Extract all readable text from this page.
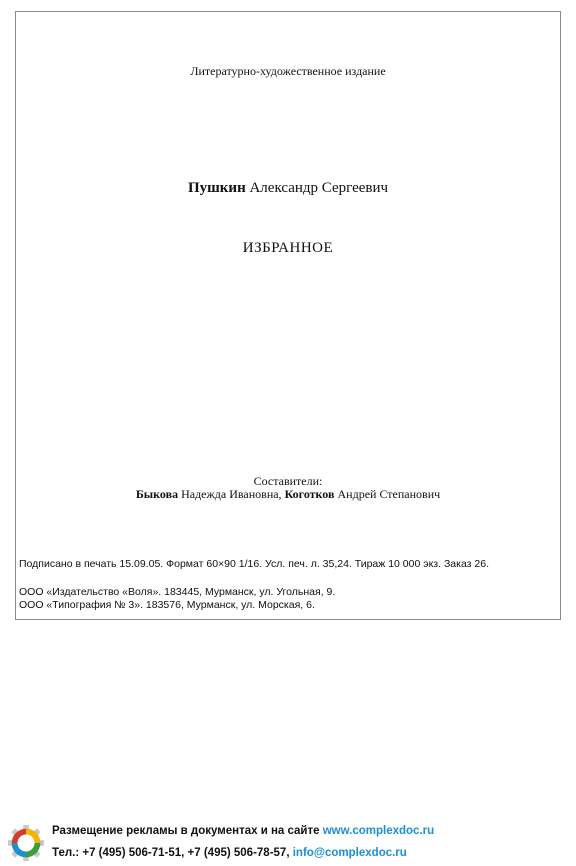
Литературно-художественное издание
Пушкин Александр Сергеевич
ИЗБРАННОЕ
Составители:
Быкова Надежда Ивановна, Коготков Андрей Степанович
Подписано в печать 15.09.05. Формат 60×90 1/16. Усл. печ. л. 35,24. Тираж 10 000 экз. Заказ 26.
ООО «Издательство «Воля». 183445, Мурманск, ул. Угольная, 9.
ООО «Типография № 3». 183576, Мурманск, ул. Морская, 6.
Размещение рекламы в документах и на сайте www.complexdoc.ru
Тел.: +7 (495) 506-71-51, +7 (495) 506-78-57, info@complexdoc.ru
